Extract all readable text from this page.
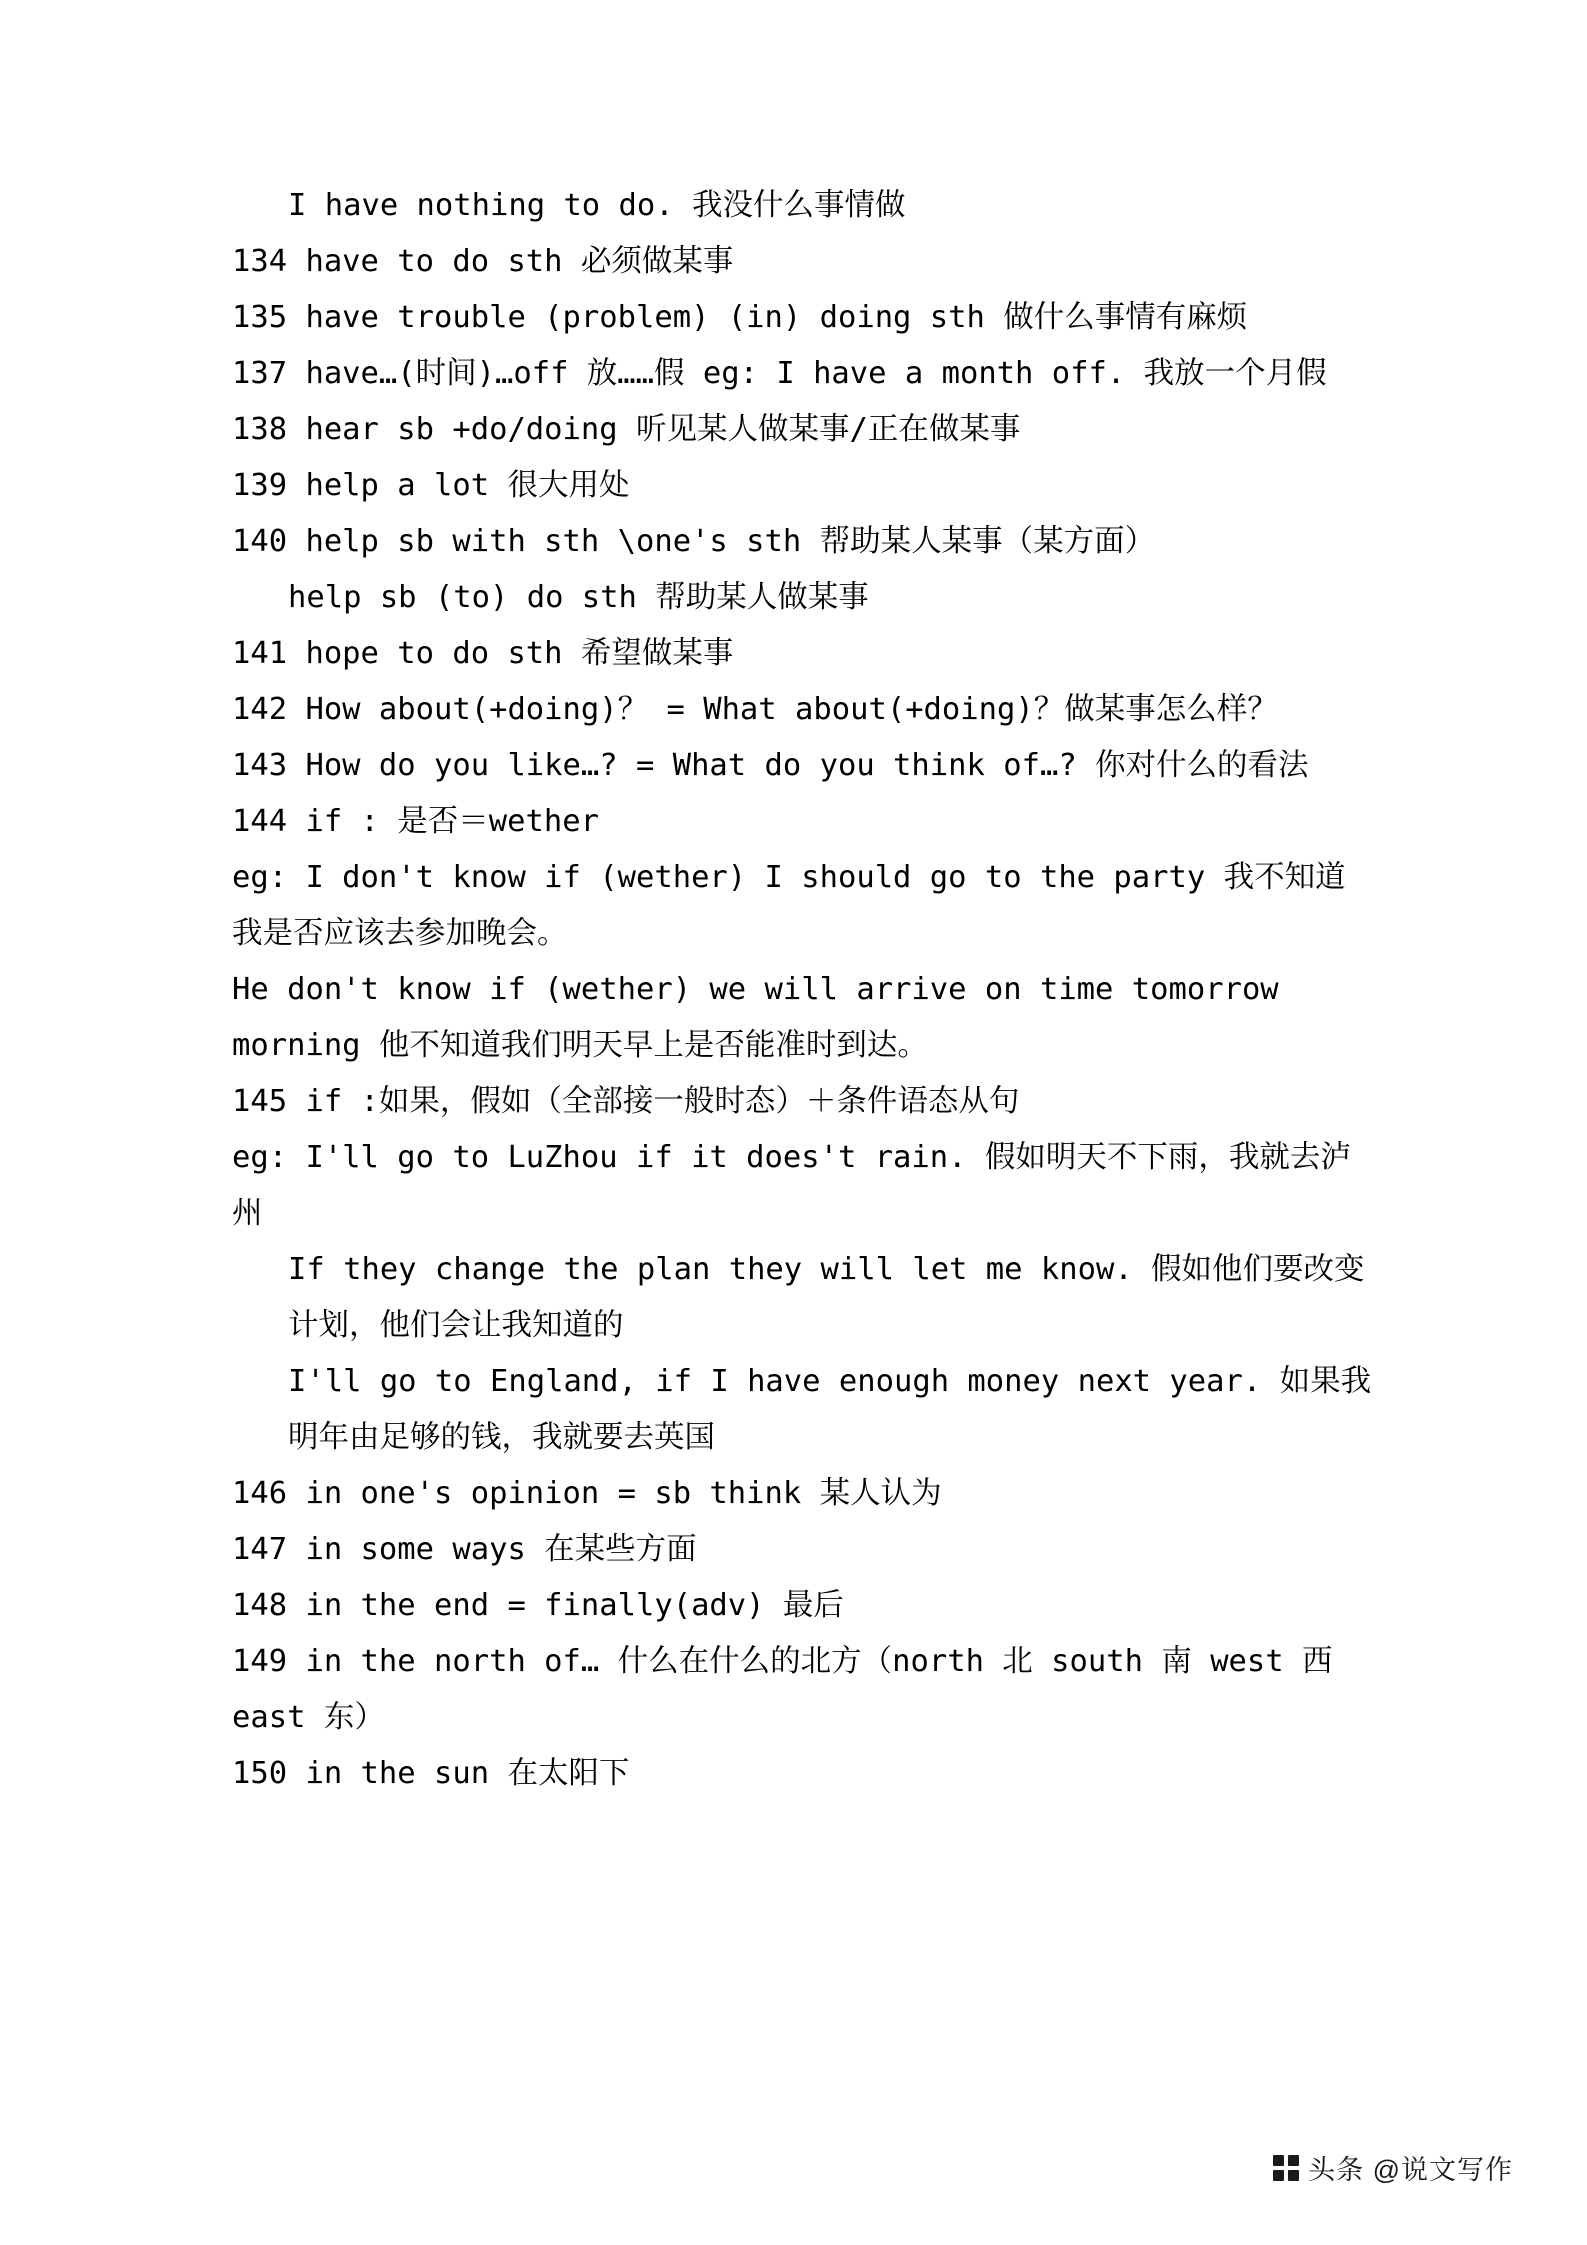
I have nothing to do. 我没什么事情做
134 have to do sth 必须做某事
135 have trouble (problem) (in) doing sth 做什么事情有麻烦
137 have…(时间)…off 放……假 eg: I have a month off. 我放一个月假
138 hear sb +do/doing 听见某人做某事/正在做某事
139 help a lot 很大用处
140 help sb with sth \one's sth 帮助某人某事（某方面）
help sb (to) do sth 帮助某人做某事
141 hope to do sth 希望做某事
142 How about(+doing)？ = What about(+doing)？做某事怎么样？
143 How do you like…? = What do you think of…? 你对什么的看法
144 if : 是否＝wether
eg: I don't know if (wether) I should go to the party 我不知道我是否应该去参加晚会。
He don't know if (wether) we will arrive on time tomorrow morning 他不知道我们明天早上是否能准时到达。
145 if :如果，假如（全部接一般时态）＋条件语态从句
eg: I'll go to LuZhou if it does't rain. 假如明天不下雨，我就去泸州
If they change the plan they will let me know. 假如他们要改变计划，他们会让我知道的
I'll go to England, if I have enough money next year. 如果我明年由足够的钱，我就要去英国
146 in one's opinion = sb think 某人认为
147 in some ways 在某些方面
148 in the end = finally(adv) 最后
149 in the north of… 什么在什么的北方（north 北 south 南 west 西 east 东）
150 in the sun 在太阳下
头条 @说文写作
